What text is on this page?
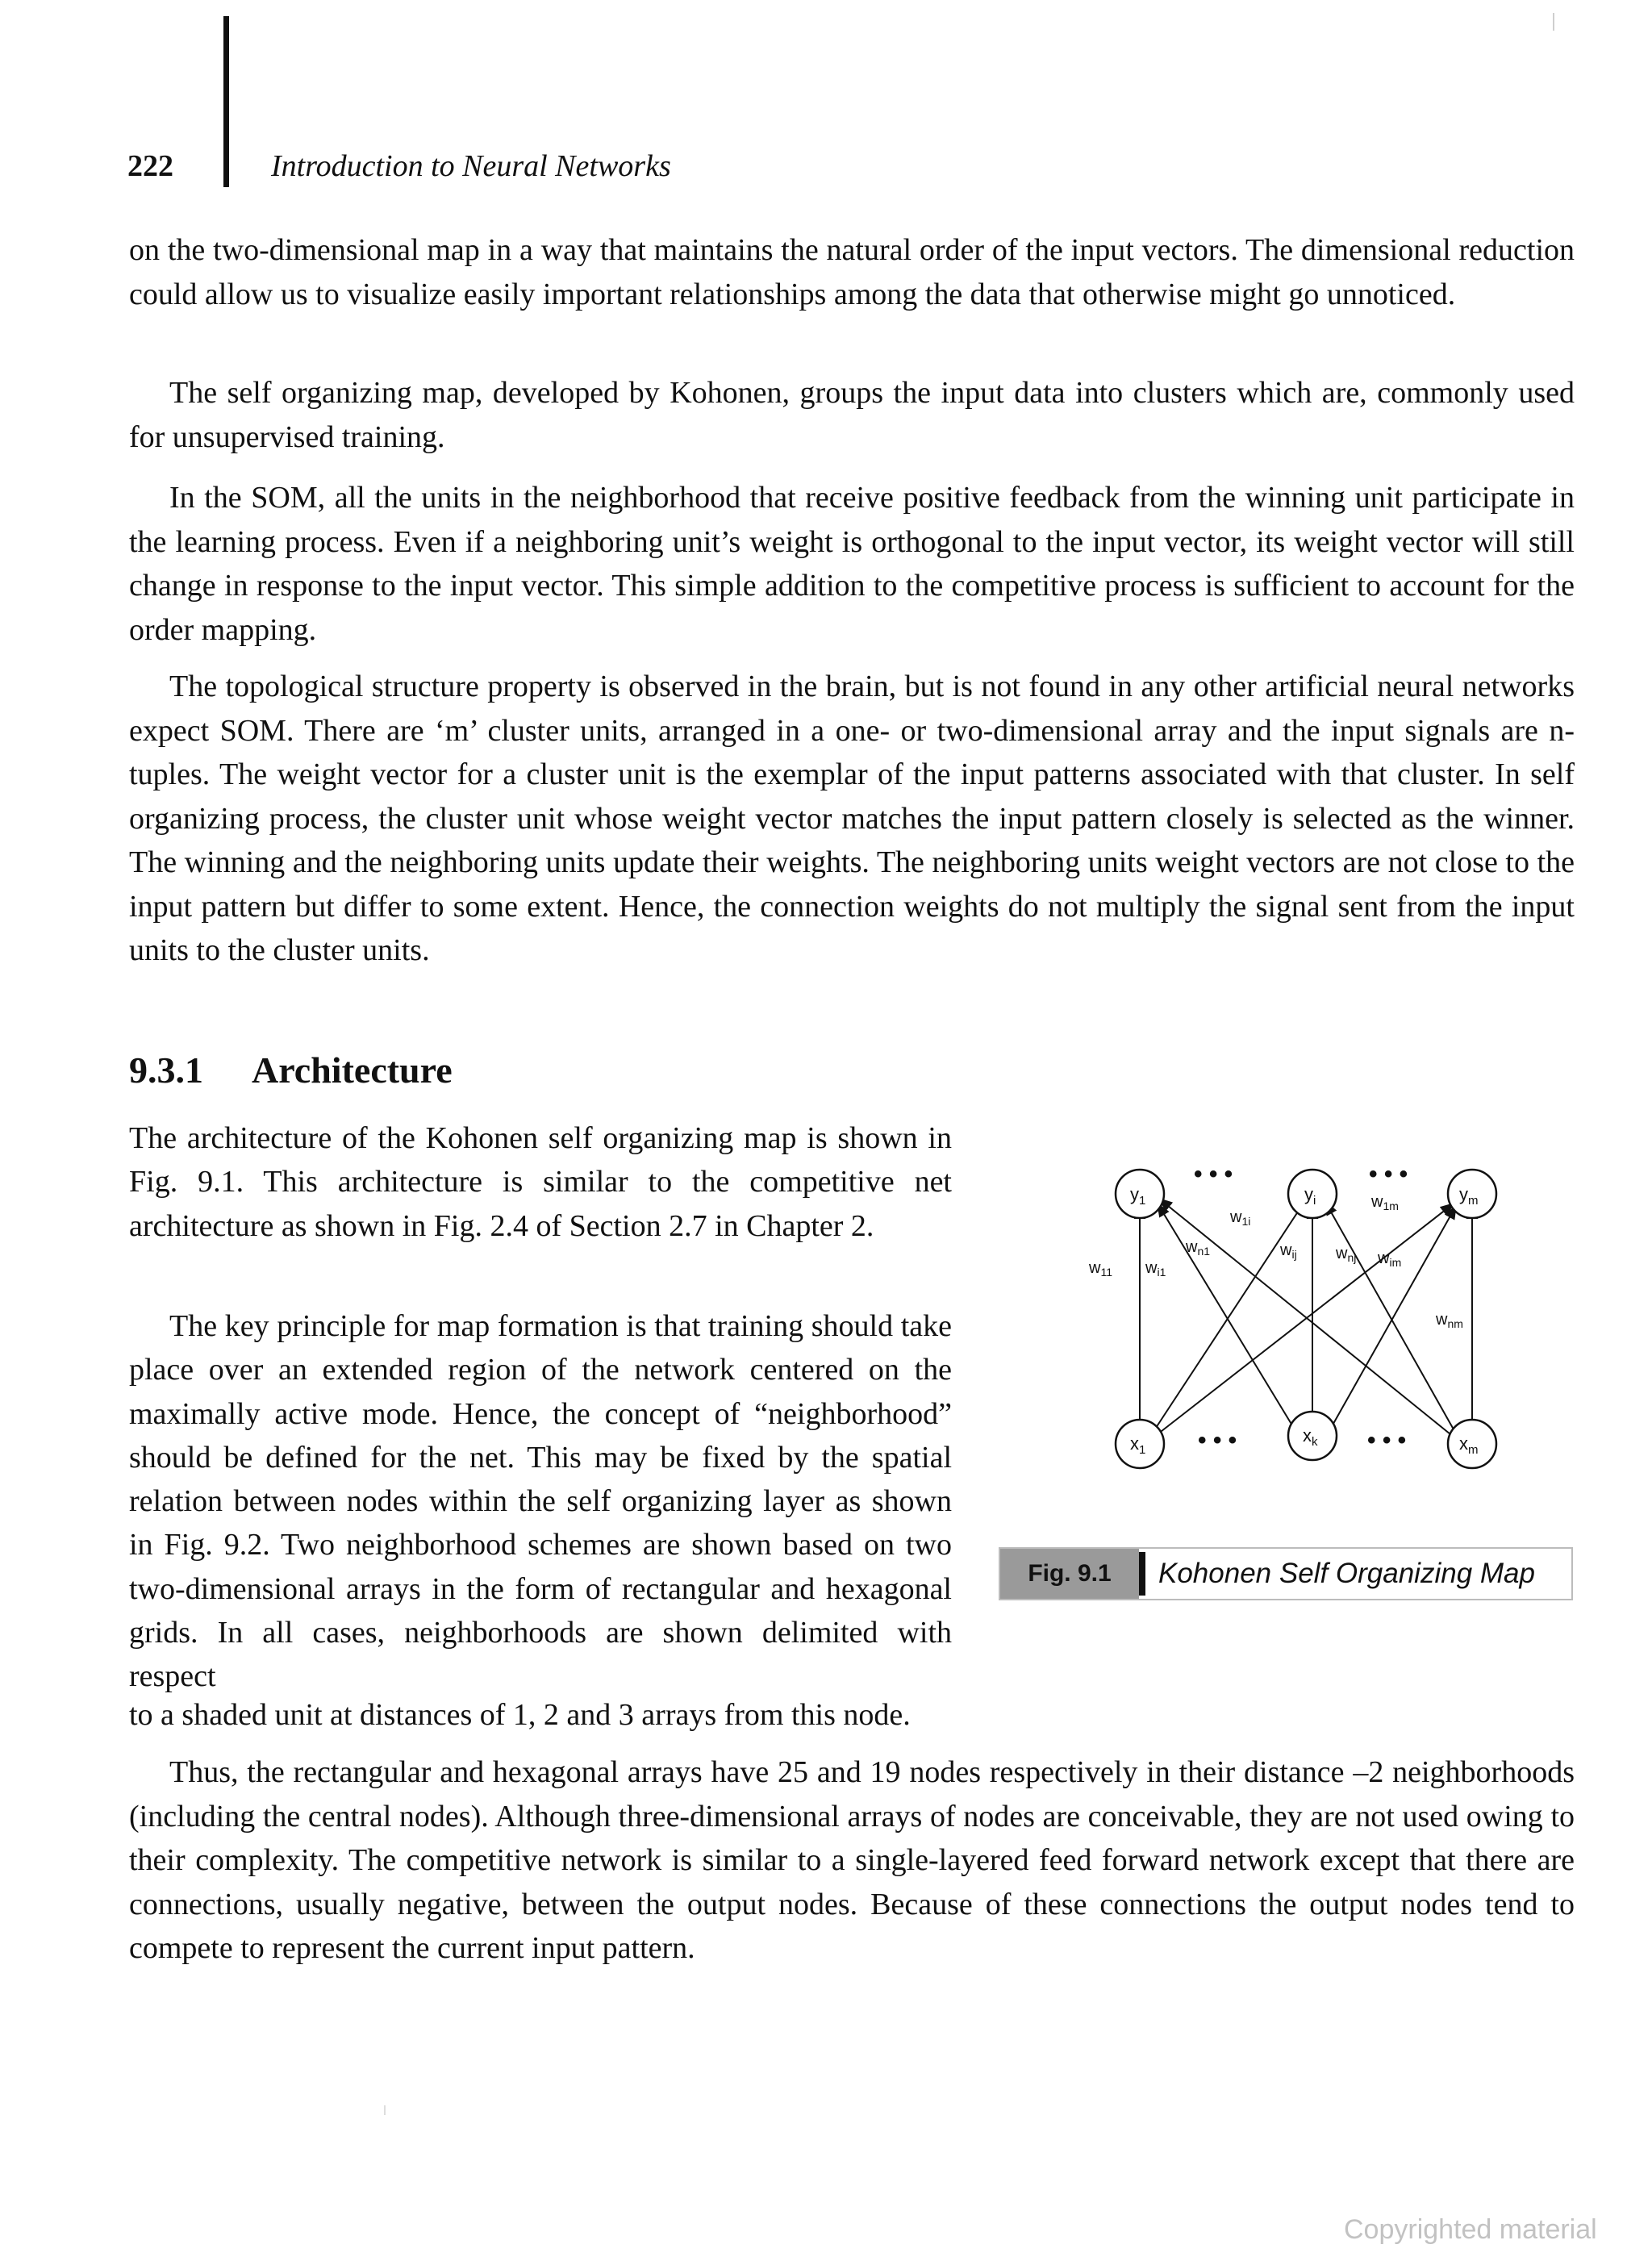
222	Introduction to Neural Networks

on the two-dimensional map in a way that maintains the natural order of the input vectors. The dimensional reduction could allow us to visualize easily important relationships among the data that otherwise might go unnoticed.

The self organizing map, developed by Kohonen, groups the input data into clusters which are, commonly used for unsupervised training.

In the SOM, all the units in the neighborhood that receive positive feedback from the winning unit participate in the learning process. Even if a neighboring unit’s weight is orthogonal to the input vector, its weight vector will still change in response to the input vector. This simple addition to the competitive process is sufficient to account for the order mapping.

The topological structure property is observed in the brain, but is not found in any other artificial neural networks expect SOM. There are ‘m’ cluster units, arranged in a one- or two-dimensional array and the input signals are n-tuples. The weight vector for a cluster unit is the exemplar of the input patterns associated with that cluster. In self organizing process, the cluster unit whose weight vector matches the input pattern closely is selected as the winner. The winning and the neighboring units update their weights. The neighboring units weight vectors are not close to the input pattern but differ to some extent. Hence, the connection weights do not multiply the signal sent from the input units to the cluster units.

9.3.1 Architecture

The architecture of the Kohonen self organizing map is shown in Fig. 9.1. This architecture is similar to the competitive net architecture as shown in Fig. 2.4 of Section 2.7 in Chapter 2.

The key principle for map formation is that training should take place over an extended region of the network centered on the maximally active mode. Hence, the concept of “neighborhood” should be defined for the net. This may be fixed by the spatial relation between nodes within the self organizing layer as shown in Fig. 9.2. Two neighborhood schemes are shown based on two two-dimensional arrays in the form of rectangular and hexagonal grids. In all cases, neighborhoods are shown delimited with respect

to a shaded unit at distances of 1, 2 and 3 arrays from this node.
$y_1$	$y_i$	$y_m$
$x_1$
$x_k$	$x_m$
• • •	• • •
• • •	• • •
$w_{11}$ $w_{i1}$
$w_{1i}$
$w_{n1}$	$w_{ij}$ $w_{nj}$
$w_{1m}$
$w_{im}$
$w_{nm}$
Fig. 9.1	Kohonen Self Organizing Map

Thus, the rectangular and hexagonal arrays have 25 and 19 nodes respectively in their distance –2 neighborhoods (including the central nodes). Although three-dimensional arrays of nodes are conceivable, they are not used owing to their complexity. The competitive network is similar to a single-layered feed forward network except that there are connections, usually negative, between the output nodes. Because of these connections the output nodes tend to compete to represent the current input pattern.

Copyrighted material
